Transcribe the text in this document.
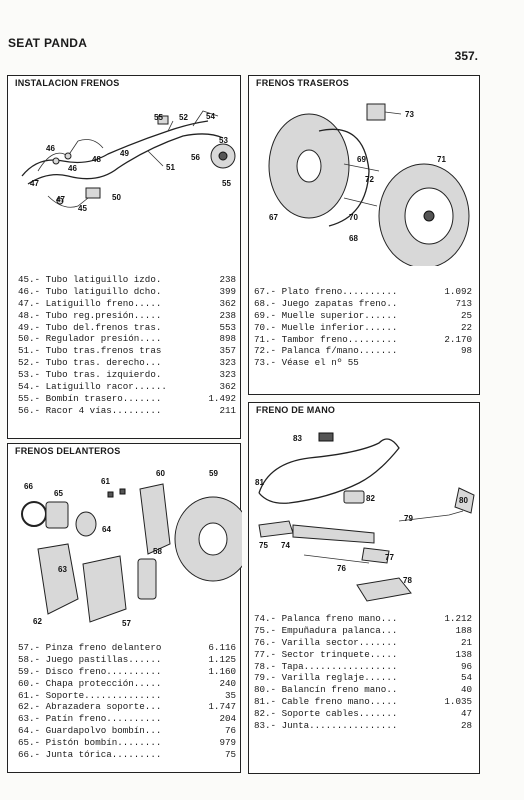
SEAT PANDA
357.
INSTALACION FRENOS
46
47
47
46
45
48
49
50
51
52
53
54
55
55
56
45.- Tubo latiguillo izdo.	238
46.- Tubo latiguillo dcho.	399
47.- Latiguillo freno.....	362
48.- Tubo reg.presión.....	238
49.- Tubo del.frenos tras.	553
50.- Regulador presión....	898
51.- Tubo tras.frenos tras	357
52.- Tubo tras. derecho...	323
53.- Tubo tras. izquierdo.	323
54.- Latiguillo racor......	362
55.- Bombín trasero.......	1.492
56.- Racor 4 vías.........	211
FRENOS TRASEROS
73
69
72
71
67	70
68
67.- Plato freno..........	1.092
68.- Juego zapatas freno..	713
69.- Muelle superior......	25
70.- Muelle inferior......	22
71.- Tambor freno.........	2.170
72.- Palanca f/mano.......	98
73.- Véase el nº 55
FRENOS DELANTEROS
66
65
61
60	59
64
58
63
62	57
57.- Pinza freno delantero	6.116
58.- Juego pastillas......	1.125
59.- Disco freno..........	1.160
60.- Chapa protección.....	240
61.- Soporte..............	35
62.- Abrazadera soporte...	1.747
63.- Patín freno..........	204
64.- Guardapolvo bombín...	76
65.- Pistón bombín........	979
66.- Junta tórica.........	75
FRENO DE MANO
83
81
82	80
79
75 74
77
76
78
74.- Palanca freno mano...	1.212
75.- Empuñadura palanca...	188
76.- Varilla sector.......	21
77.- Sector trinquete.....	138
78.- Tapa.................	96
79.- Varilla reglaje......	54
80.- Balancín freno mano..	40
81.- Cable freno mano.....	1.035
82.- Soporte cables.......	47
83.- Junta................	28
